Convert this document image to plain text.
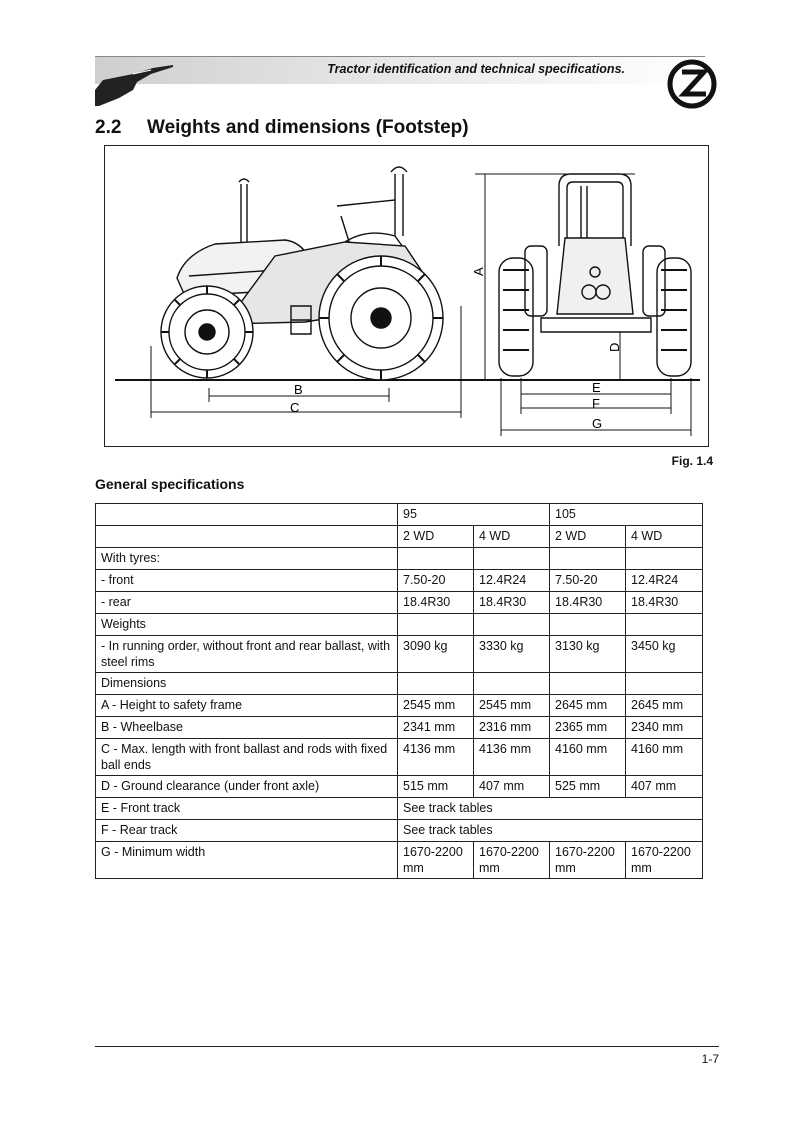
Tractor identification and technical specifications.
2.2 Weights and dimensions (Footstep)
B
C
A
D
E
F
G
Fig. 1.4
General specifications
	95		105	
	2 WD	4 WD	2 WD	4 WD
With tyres:				
- front	7.50-20	12.4R24	7.50-20	12.4R24
- rear	18.4R30	18.4R30	18.4R30	18.4R30
Weights				
- In running order, without front and rear ballast, with steel rims	3090 kg	3330 kg	3130 kg	3450 kg
Dimensions				
A - Height to safety frame	2545 mm	2545 mm	2645 mm	2645 mm
B - Wheelbase	2341 mm	2316 mm	2365 mm	2340 mm
C - Max. length with front ballast and rods with fixed ball ends	4136 mm	4136 mm	4160 mm	4160 mm
D - Ground clearance (under front axle)	515 mm	407 mm	525 mm	407 mm
E - Front track	See track tables			
F - Rear track	See track tables			
G - Minimum width	1670-2200 mm	1670-2200 mm	1670-2200 mm	1670-2200 mm
1-7
